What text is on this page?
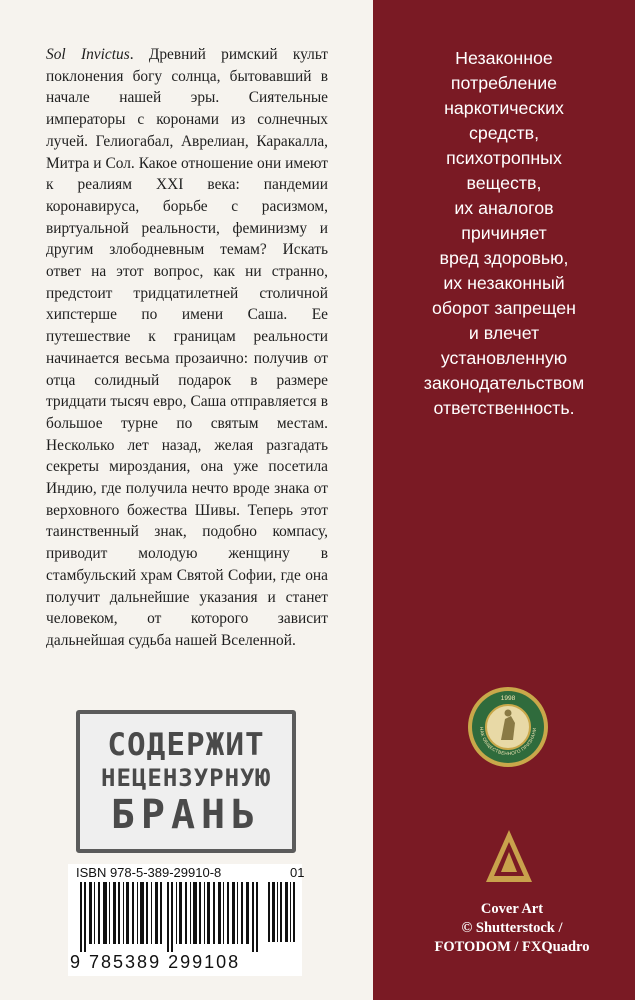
Sol Invictus. Древний римский культ поклонения богу солнца, бытовавший в начале нашей эры. Сиятельные императоры с коронами из солнечных лучей. Гелиогабал, Аврелиан, Каракалла, Митра и Сол. Какое отношение они имеют к реалиям XXI века: пандемии коронавируса, борьбе с расизмом, виртуальной реальности, феминизму и другим злободневным темам? Искать ответ на этот вопрос, как ни странно, предстоит тридцатилетней столичной хипстерше по имени Саша. Ее путешествие к границам реальности начинается весьма прозаично: получив от отца солидный подарок в размере тридцати тысяч евро, Саша отправляется в большое турне по святым местам. Несколько лет назад, желая разгадать секреты мироздания, она уже посетила Индию, где получила нечто вроде знака от верховного божества Шивы. Теперь этот таинственный знак, подобно компасу, приводит молодую женщину в стамбульский храм Святой Софии, где она получит дальнейшие указания и станет человеком, от которого зависит дальнейшая судьба нашей Вселенной.

СОДЕРЖИТ
НЕЦЕНЗУРНУЮ
БРАНЬ
ISBN 978-5-389-29910-8	01
9 785389 299108

Незаконное
потребление
наркотических
средств,
психотропных
веществ,
их аналогов
причиняет
вред здоровью,
их незаконный
оборот запрещен
и влечет
установленную
законодательством
ответственность.

1998
НАК ОБЩЕСТВЕННОГО ПРИЗНАНИ

Cover Art
© Shutterstock /
FOTODOM / FXQuadro
